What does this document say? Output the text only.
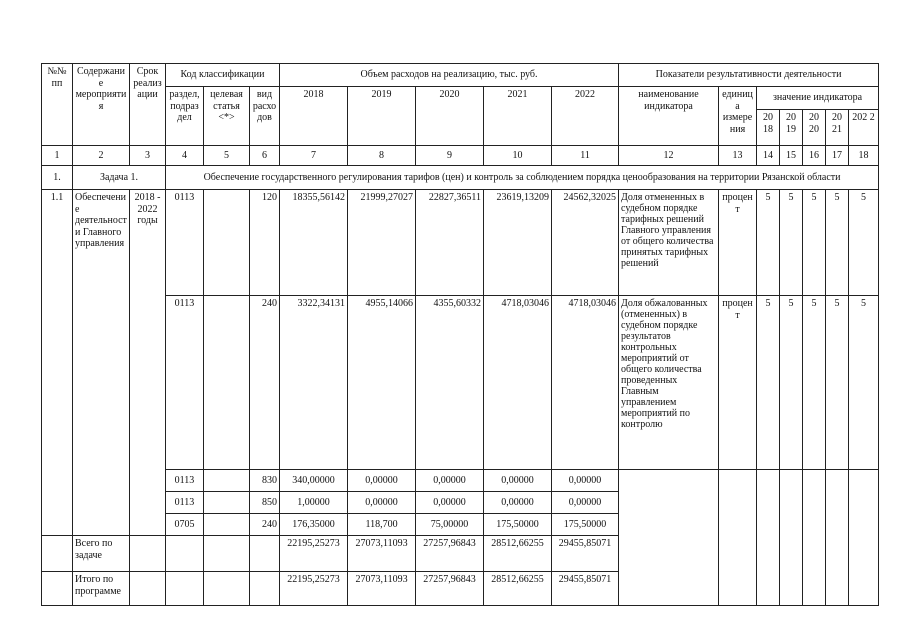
№№ пп	Содержание мероприятия	Срок реализации	Код классификации			Объем расходов на реализацию, тыс. руб.					Показатели результативности деятельности						
			раздел, подраздел	целевая статья <*>	вид расходов	2018	2019	2020	2021	2022	наименование индикатора	единица измерения	значение индикатора				
													20 18	20 19	20 20	20 21	202 2
1	2	3	4	5	6	7	8	9	10	11	12	13	14	15	16	17	18
1.	Задача 1.		Обеспечение государственного регулирования тарифов (цен) и контроль за соблюдением порядка ценообразования на территории Рязанской области														
1.1	Обеспечение деятельности Главного управления	2018 - 2022 годы	0113		120	18355,56142	21999,27027	22827,36511	23619,13209	24562,32025	Доля отмененных в судебном порядке тарифных решений Главного управления от общего количества принятых тарифных решений	процент	5	5	5	5	5
			0113		240	3322,34131	4955,14066	4355,60332	4718,03046	4718,03046	Доля обжалованных (отмененных) в судебном порядке результатов контрольных мероприятий от общего количества проведенных Главным управлением мероприятий по контролю	процент	5	5	5	5	5
			0113		830	340,00000	0,00000	0,00000	0,00000	0,00000							
			0113		850	1,00000	0,00000	0,00000	0,00000	0,00000							
			0705		240	176,35000	118,700	75,00000	175,50000	175,50000							
	Всего по задаче					22195,25273	27073,11093	27257,96843	28512,66255	29455,85071							
	Итого по программе					22195,25273	27073,11093	27257,96843	28512,66255	29455,85071							
